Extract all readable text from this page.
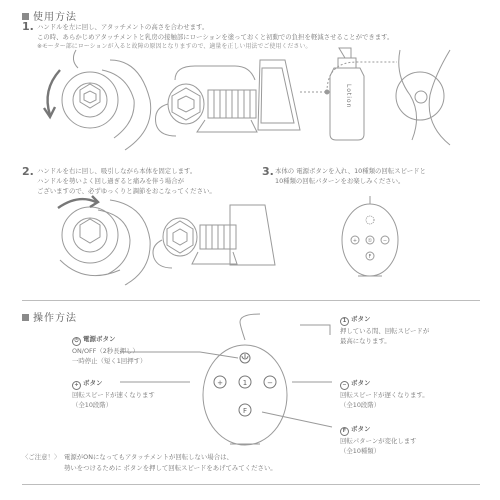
使用方法
1. ハンドルを左に回し、アタッチメントの高さを合わせます。
この時、あらかじめアタッチメントと乳房の接触部にローションを塗っておくと初動での負担を軽減させることができます。
※モーター部にローションが入ると故障の原因となりますので、適量を正しい用法でご使用ください。
Lotion
2. ハンドルを右に回し、吸引しながら本体を固定します。
ハンドルを勢いよく回し過ぎると痛みを伴う場合が
ございますので、必ずゆっくりと調節をおこなってください。
3. 本体の 電源ボタンを入れ、10種類の回転スピードと
10種類の回転パターンをお楽しみください。
+ ① −
F
操作方法
+	1	−
F
⏻ 電源ボタン
ON/OFF（2秒長押し）
一時停止（短く1回押す）
+ ボタン
回転スピードが速くなります
（全10段階）
1 ボタン
押している間、回転スピードが
最高になります。
− ボタン
回転スピードが遅くなります。
（全10段階）
F ボタン
回転パターンが変化します
（全10種類）
〈ご注意！〉 電源がONになってもアタッチメントが回転しない場合は、
勢いをつけるために ボタンを押して回転スピードをあげてみてください。
